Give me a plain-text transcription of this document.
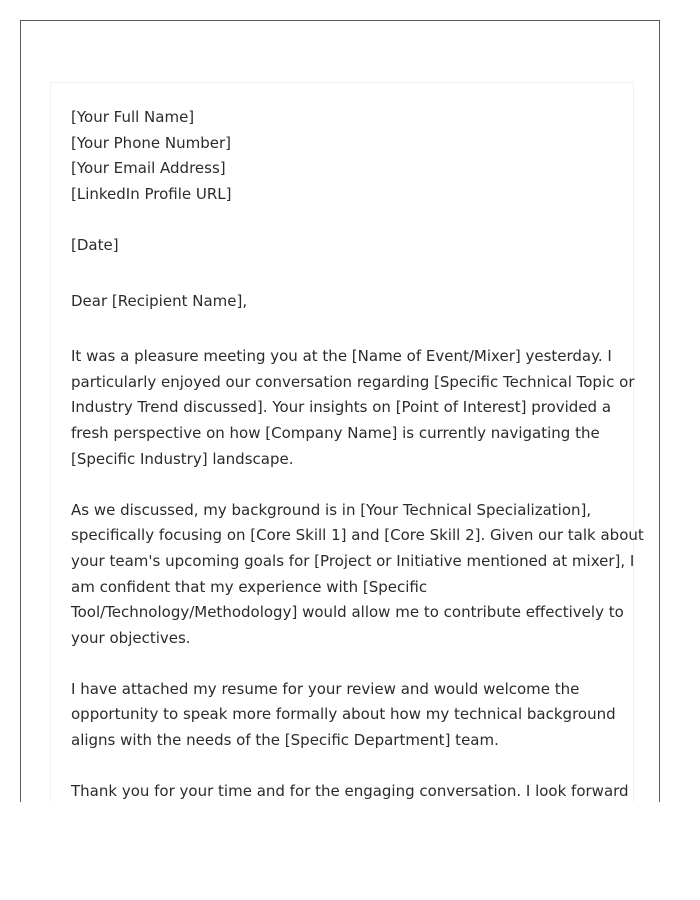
[Your Full Name]

[Your Phone Number]

[Your Email Address]

[LinkedIn Profile URL]

[Date]

Dear [Recipient Name],

It was a pleasure meeting you at the [Name of Event/Mixer] yesterday. I

particularly enjoyed our conversation regarding [Specific Technical Topic or

Industry Trend discussed]. Your insights on [Point of Interest] provided a

fresh perspective on how [Company Name] is currently navigating the

[Specific Industry] landscape.

As we discussed, my background is in [Your Technical Specialization],

specifically focusing on [Core Skill 1] and [Core Skill 2]. Given our talk about

your team's upcoming goals for [Project or Initiative mentioned at mixer], I

am confident that my experience with [Specific

Tool/Technology/Methodology] would allow me to contribute effectively to

your objectives.

I have attached my resume for your review and would welcome the

opportunity to speak more formally about how my technical background

aligns with the needs of the [Specific Department] team.

Thank you for your time and for the engaging conversation. I look forward
